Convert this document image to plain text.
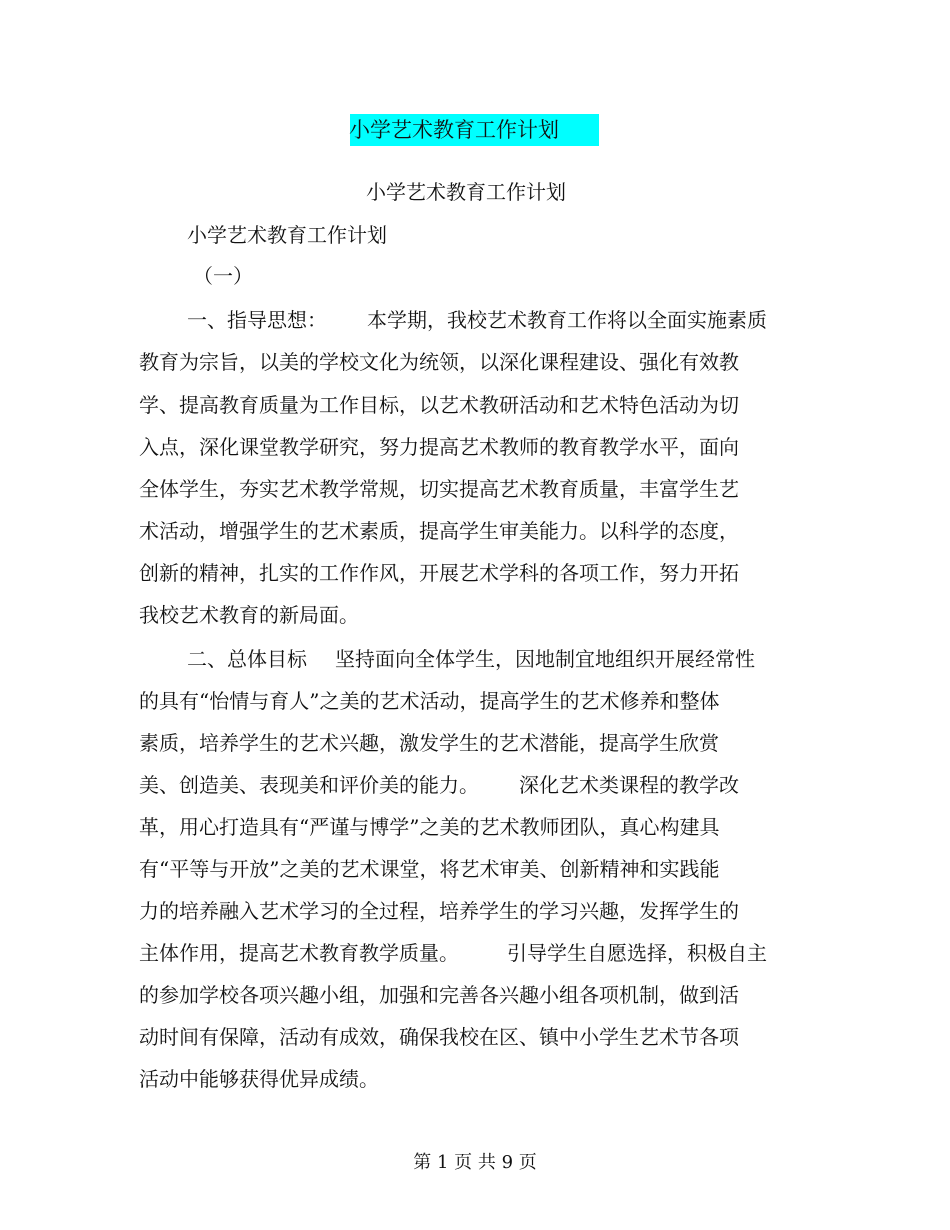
小学艺术教育工作计划
小学艺术教育工作计划
小学艺术教育工作计划
（一）
一、指导思想： 本学期，我校艺术教育工作将以全面实施素质
教育为宗旨，以美的学校文化为统领，以深化课程建设、强化有效教
学、提高教育质量为工作目标，以艺术教研活动和艺术特色活动为切
入点，深化课堂教学研究，努力提高艺术教师的教育教学水平，面向
全体学生，夯实艺术教学常规，切实提高艺术教育质量，丰富学生艺
术活动，增强学生的艺术素质，提高学生审美能力。以科学的态度，
创新的精神，扎实的工作作风，开展艺术学科的各项工作，努力开拓
我校艺术教育的新局面。
二、总体目标 坚持面向全体学生，因地制宜地组织开展经常性
的具有“怡情与育人”之美的艺术活动，提高学生的艺术修养和整体
素质，培养学生的艺术兴趣，激发学生的艺术潜能，提高学生欣赏
美、创造美、表现美和评价美的能力。 深化艺术类课程的教学改
革，用心打造具有“严谨与博学”之美的艺术教师团队，真心构建具
有“平等与开放”之美的艺术课堂，将艺术审美、创新精神和实践能
力的培养融入艺术学习的全过程，培养学生的学习兴趣，发挥学生的
主体作用，提高艺术教育教学质量。 引导学生自愿选择，积极自主
的参加学校各项兴趣小组，加强和完善各兴趣小组各项机制，做到活
动时间有保障，活动有成效，确保我校在区、镇中小学生艺术节各项
活动中能够获得优异成绩。
第 1 页 共 9 页
